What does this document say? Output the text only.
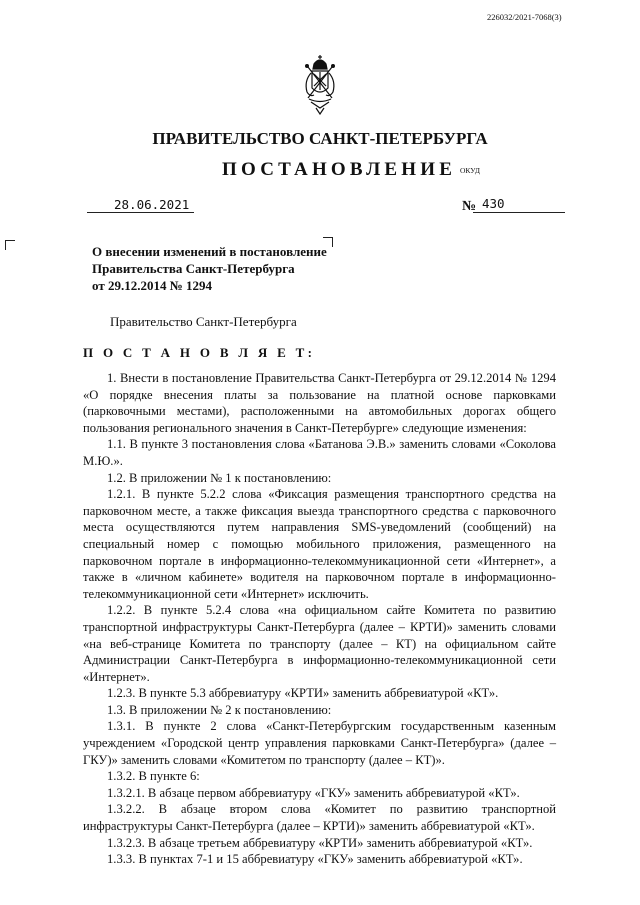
226032/2021-7068(3)
ПРАВИТЕЛЬСТВО САНКТ-ПЕТЕРБУРГА
ПОСТАНОВЛЕНИЕ ОКУД
28.06.2021	№ 430
О внесении изменений в постановление
Правительства Санкт-Петербурга
от 29.12.2014 № 1294
Правительство Санкт-Петербурга
П О С Т А Н О В Л Я Е Т:

1. Внести в постановление Правительства Санкт-Петербурга от 29.12.2014 № 1294 «О порядке внесения платы за пользование на платной основе парковками (парковочными местами), расположенными на автомобильных дорогах общего пользования регионального значения в Санкт-Петербурге» следующие изменения:

1.1. В пункте 3 постановления слова «Батанова Э.В.» заменить словами «Соколова М.Ю.».

1.2. В приложении № 1 к постановлению:

1.2.1. В пункте 5.2.2 слова «Фиксация размещения транспортного средства на парковочном месте, а также фиксация выезда транспортного средства с парковочного места осуществляются путем направления SMS-уведомлений (сообщений) на специальный номер с помощью мобильного приложения, размещенного на парковочном портале в информационно-телекоммуникационной сети «Интернет», а также в «личном кабинете» водителя на парковочном портале в информационно-телекоммуникационной сети «Интернет» исключить.

1.2.2. В пункте 5.2.4 слова «на официальном сайте Комитета по развитию транспортной инфраструктуры Санкт-Петербурга (далее – КРТИ)» заменить словами «на веб-странице Комитета по транспорту (далее – КТ) на официальном сайте Администрации Санкт-Петербурга в информационно-телекоммуникационной сети «Интернет».

1.2.3. В пункте 5.3 аббревиатуру «КРТИ» заменить аббревиатурой «КТ».

1.3. В приложении № 2 к постановлению:

1.3.1. В пункте 2 слова «Санкт-Петербургским государственным казенным учреждением «Городской центр управления парковками Санкт-Петербурга» (далее –ГКУ)» заменить словами «Комитетом по транспорту (далее – КТ)».

1.3.2. В пункте 6:

1.3.2.1. В абзаце первом аббревиатуру «ГКУ» заменить аббревиатурой «КТ».

1.3.2.2. В абзаце втором слова «Комитет по развитию транспортной инфраструктуры Санкт-Петербурга (далее – КРТИ)» заменить аббревиатурой «КТ».

1.3.2.3. В абзаце третьем аббревиатуру «КРТИ» заменить аббревиатурой «КТ».

1.3.3. В пунктах 7-1 и 15 аббревиатуру «ГКУ» заменить аббревиатурой «КТ».
